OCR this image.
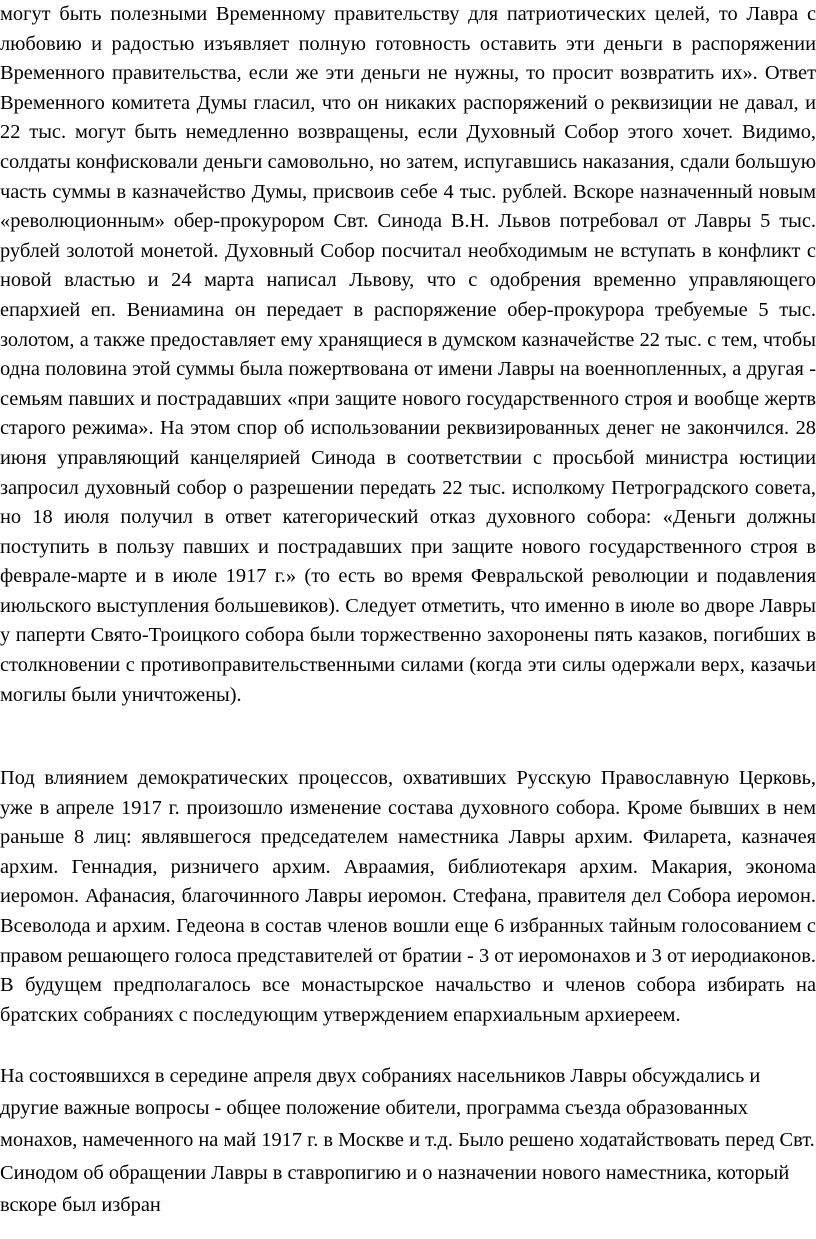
могут быть полезными Временному правительству для патриотических целей, то Лавра с любовию и радостью изъявляет полную готовность оставить эти деньги в распоряжении Временного правительства, если же эти деньги не нужны, то просит возвратить их». Ответ Временного комитета Думы гласил, что он никаких распоряжений о реквизиции не давал, и 22 тыс. могут быть немедленно возвращены, если Духовный Собор этого хочет. Видимо, солдаты конфисковали деньги самовольно, но затем, испугавшись наказания, сдали большую часть суммы в казначейство Думы, присвоив себе 4 тыс. рублей. Вскоре назначенный новым «революционным» обер-прокурором Свт. Синода В.Н. Львов потребовал от Лавры 5 тыс. рублей золотой монетой. Духовный Собор посчитал необходимым не вступать в конфликт с новой властью и 24 марта написал Львову, что с одобрения временно управляющего епархией еп. Вениамина он передает в распоряжение обер-прокурора требуемые 5 тыс. золотом, а также предоставляет ему хранящиеся в думском казначействе 22 тыс. с тем, чтобы одна половина этой суммы была пожертвована от имени Лавры на военнопленных, а другая - семьям павших и пострадавших «при защите нового государственного строя и вообще жертв старого режима». На этом спор об использовании реквизированных денег не закончился. 28 июня управляющий канцелярией Синода в соответствии с просьбой министра юстиции запросил духовный собор о разрешении передать 22 тыс. исполкому Петроградского совета, но 18 июля получил в ответ категорический отказ духовного собора: «Деньги должны поступить в пользу павших и пострадавших при защите нового государственного строя в феврале-марте и в июле 1917 г.» (то есть во время Февральской революции и подавления июльского выступления большевиков). Следует отметить, что именно в июле во дворе Лавры у паперти Свято-Троицкого собора были торжественно захоронены пять казаков, погибших в столкновении с противоправительственными силами (когда эти силы одержали верх, казачьи могилы были уничтожены).

Под влиянием демократических процессов, охвативших Русскую Православную Церковь, уже в апреле 1917 г. произошло изменение состава духовного собора. Кроме бывших в нем раньше 8 лиц: являвшегося председателем наместника Лавры архим. Филарета, казначея архим. Геннадия, ризничего архим. Авраамия, библиотекаря архим. Макария, эконома иеромон. Афанасия, благочинного Лавры иеромон. Стефана, правителя дел Собора иеромон. Всеволода и архим. Гедеона в состав членов вошли еще 6 избранных тайным голосованием с правом решающего голоса представителей от братии - 3 от иеромонахов и 3 от иеродиаконов. В будущем предполагалось все монастырское начальство и членов собора избирать на братских собраниях с последующим утверждением епархиальным архиереем.

На состоявшихся в середине апреля двух собраниях насельников Лавры обсуждались и другие важные вопросы - общее положение обители, программа съезда образованных монахов, намеченного на май 1917 г. в Москве и т.д. Было решено ходатайствовать перед Свт. Синодом об обращении Лавры в ставропигию и о назначении нового наместника, который вскоре был избран
